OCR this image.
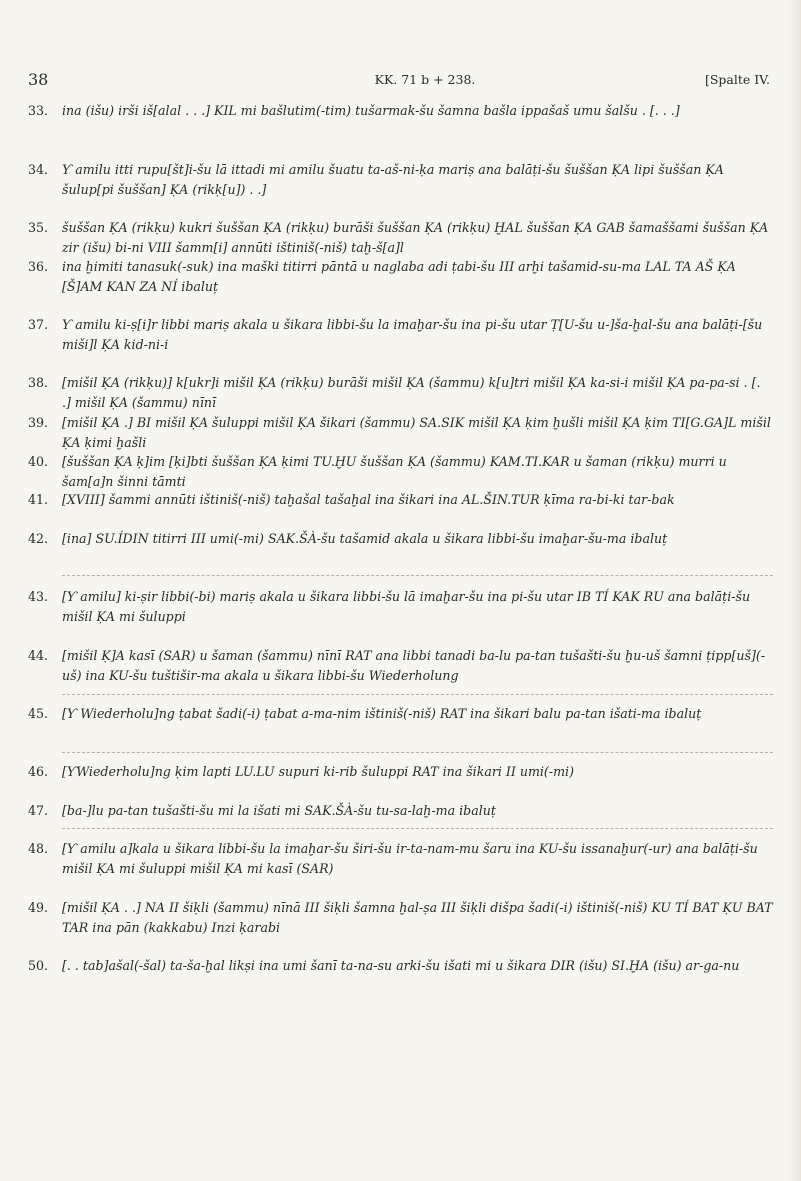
38	KK. 71 b + 238.	[Spalte IV.
33.	ina (išu) irši iš[alal . . .] KIL mi bašlutim(-tim) tušarmak-šu šamna bašla ippašaš umu šalšu . [. . .]
34.	Ƴ amilu itti rupu[št]i-šu lā ittadi mi amilu šuatu ta-aš-ni-ḳa mariṣ ana balāṭi-šu šuššan ḲA lipi šuššan ḲA šulup[pi šuššan] ḲA (rikḳ[u]) . .]
35.	šuššan ḲA (rikḳu) kukri šuššan ḲA (rikḳu) burāši šuššan ḲA (rikḳu) ḪAL šuššan ḲA GAB šamaššami šuššan ḲA zir (išu) bi-ni VIII šamm[i] annūti ištiniš(-niš) taḫ-š[a]l
36.	ina ḫimiti tanasuk(-suk) ina maški titirri pāntā u naglaba adi ṭabi-šu III arḫi tašamid-su-ma LAL TA AŠ ḲA [Š]AM KAN ZA NÍ ibaluṭ
37.	Ƴ amilu ki-ṣ[i]r libbi mariṣ akala u šikara libbi-šu la imaḫar-šu ina pi-šu utar Ṭ[U-šu u-]ša-ḫal-šu ana balāṭi-[šu miši]l ḲA kid-ni-i
38.	[mišil ḲA (rikḳu)] k[ukr]i mišil ḲA (rikḳu) burāši mišil ḲA (šammu) k[u]tri mišil ḲA ka-si-i mišil ḲA pa-pa-si . [. .] mišil ḲA (šammu) nīnī
39.	[mišil ḲA .] BI mišil ḲA šuluppi mišil ḲA šikari (šammu) SA.SIK mišil ḲA ḳim ḫušli mišil ḲA ḳim TI[G.GA]L mišil ḲA ḳimi ḫašli
40.	[šuššan ḲA ḳ]im [ḳi]bti šuššan ḲA ḳimi TU.ḪU šuššan ḲA (šammu) KAM.TI.KAR u šaman (rikḳu) murri u šam[a]n šinni tāmti
41.	[XVIII] šammi annūti ištiniš(-niš) taḫašal tašaḫal ina šikari ina AL.ŠIN.TUR ḳīma ra-bi-ki tar-bak
42.	[ina] SU.ÍDIN titirri III umi(-mi) SAK.ŠÀ-šu tašamid akala u šikara libbi-šu imaḫar-šu-ma ibaluṭ
43.	[Ƴ amilu] ki-ṣir libbi(-bi) mariṣ akala u šikara libbi-šu lā imaḫar-šu ina pi-šu utar IB TÍ KAK RU ana balāṭi-šu mišil ḲA mi šuluppi
44.	[mišil Ḳ]A kasī (SAR) u šaman (šammu) nīnī RAT ana libbi tanadi ba-lu pa-tan tušašti-šu ḫu-uš šamni ṭipp[uš](-uš) ina KU-šu tuštišir-ma akala u šikara libbi-šu Wiederholung
45.	[Ƴ Wiederholu]ng ṭabat šadi(-i) ṭabat a-ma-nim ištiniš(-niš) RAT ina šikari balu pa-tan išati-ma ibaluṭ
46.	[ƳWiederholu]ng ḳim lapti LU.LU supuri ki-rib šuluppi RAT ina šikari II umi(-mi)
47.	[ba-]lu pa-tan tušašti-šu mi la išati mi SAK.ŠÀ-šu tu-sa-laḫ-ma ibaluṭ
48.	[Ƴ amilu a]kala u šikara libbi-šu la imaḫar-šu širi-šu ir-ta-nam-mu šaru ina KU-šu issanaḫur(-ur) ana balāṭi-šu mišil ḲA mi šuluppi mišil ḲA mi kasī (SAR)
49.	[mišil ḲA . .] NA II šiḳli (šammu) nīnā III šiḳli šamna ḫal-ṣa III šiḳli dišpa šadi(-i) ištiniš(-niš) KU TÍ BAT ḲU BAT TAR ina pān (kakkabu) Inzi ḳarabi
50.	[. . tab]ašal(-šal) ta-ša-ḫal likṣi ina umi šanī ta-na-su arki-šu išati mi u šikara DIR (išu) SI.ḪA (išu) ar-ga-nu
